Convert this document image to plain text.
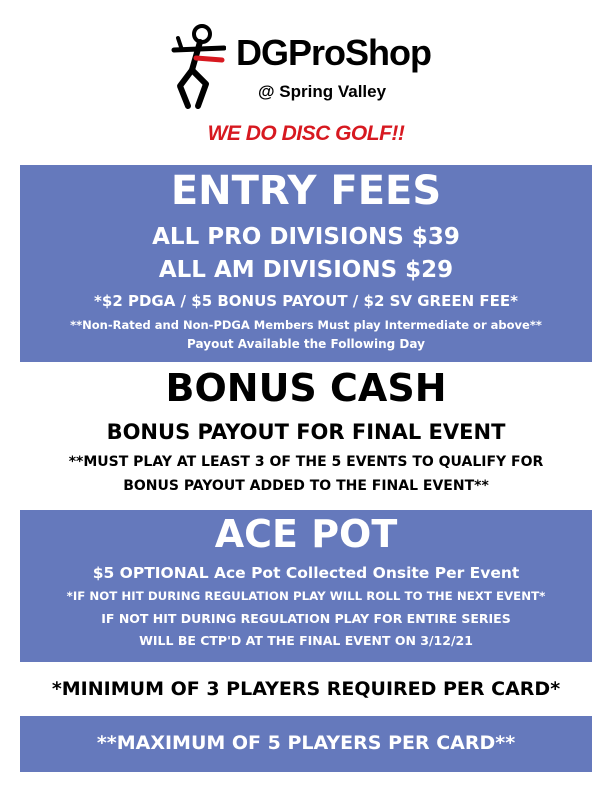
DGProShop
@ Spring Valley
WE DO DISC GOLF!!
ENTRY FEES
ALL PRO DIVISIONS $39
ALL AM DIVISIONS $29
*$2 PDGA / $5 BONUS PAYOUT / $2 SV GREEN FEE*
**Non-Rated and Non-PDGA Members Must play Intermediate or above**
Payout Available the Following Day
BONUS CASH
BONUS PAYOUT FOR FINAL EVENT
**MUST PLAY AT LEAST 3 OF THE 5 EVENTS TO QUALIFY FOR
BONUS PAYOUT ADDED TO THE FINAL EVENT**
ACE POT
$5 OPTIONAL Ace Pot Collected Onsite Per Event
*IF NOT HIT DURING REGULATION PLAY WILL ROLL TO THE NEXT EVENT*
IF NOT HIT DURING REGULATION PLAY FOR ENTIRE SERIES
WILL BE CTP'D AT THE FINAL EVENT ON 3/12/21
*MINIMUM OF 3 PLAYERS REQUIRED PER CARD*
**MAXIMUM OF 5 PLAYERS PER CARD**
